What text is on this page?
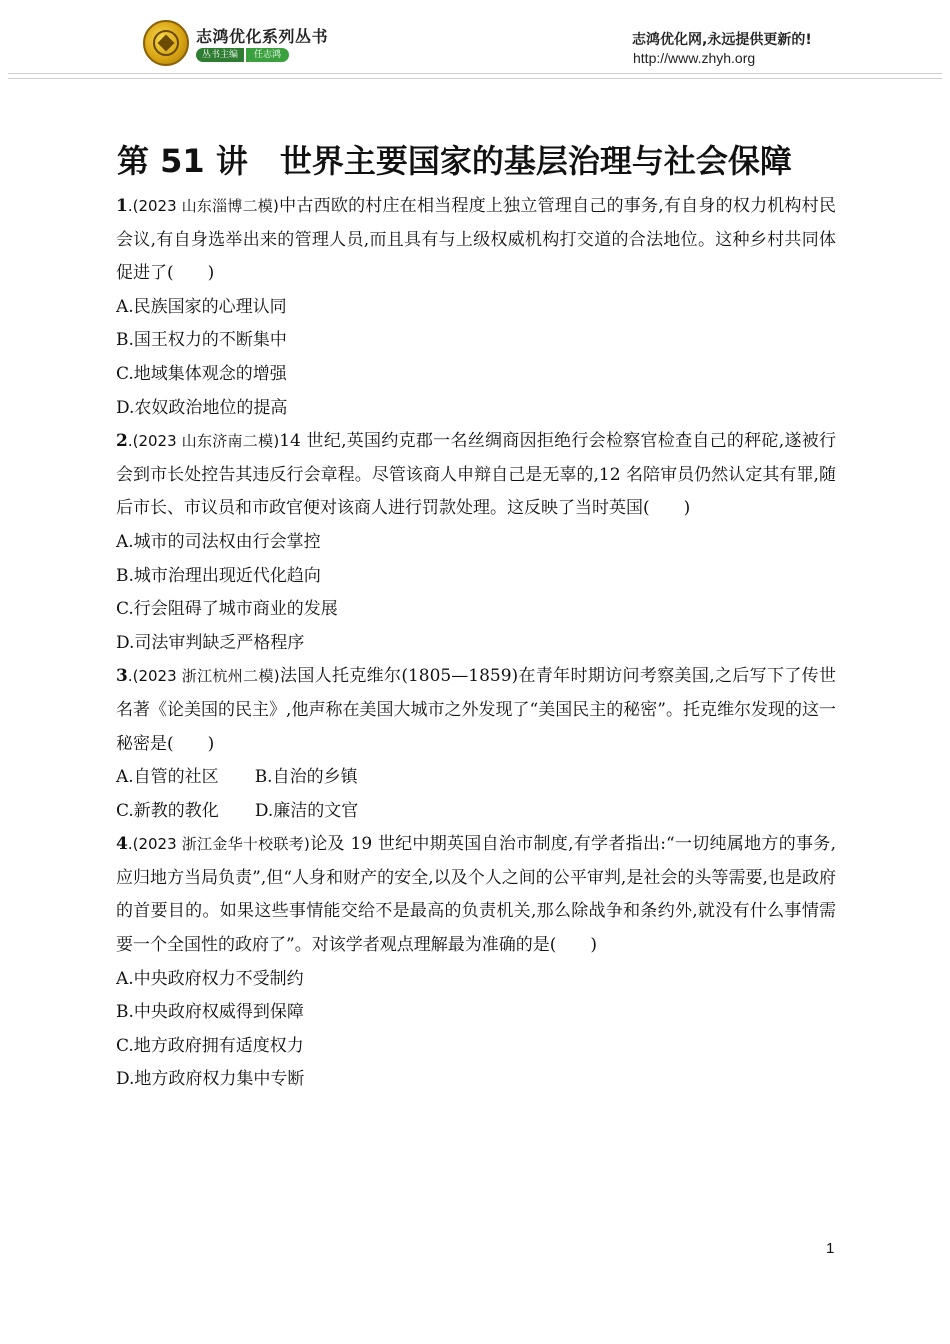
志鸿优化系列丛书
丛书主编	任志鸿
志鸿优化网,永远提供更新的!
http://www.zhyh.org
第 51 讲　世界主要国家的基层治理与社会保障

1.(2023 山东淄博二模)中古西欧的村庄在相当程度上独立管理自己的事务,有自身的权力机构村民会议,有自身选举出来的管理人员,而且具有与上级权威机构打交道的合法地位。这种乡村共同体促进了(　　)

A.民族国家的心理认同

B.国王权力的不断集中

C.地域集体观念的增强

D.农奴政治地位的提高

2.(2023 山东济南二模)14 世纪,英国约克郡一名丝绸商因拒绝行会检察官检查自己的秤砣,遂被行会到市长处控告其违反行会章程。尽管该商人申辩自己是无辜的,12 名陪审员仍然认定其有罪,随后市长、市议员和市政官便对该商人进行罚款处理。这反映了当时英国(　　)

A.城市的司法权由行会掌控

B.城市治理出现近代化趋向

C.行会阻碍了城市商业的发展

D.司法审判缺乏严格程序

3.(2023 浙江杭州二模)法国人托克维尔(1805—1859)在青年时期访问考察美国,之后写下了传世名著《论美国的民主》,他声称在美国大城市之外发现了“美国民主的秘密”。托克维尔发现的这一秘密是(　　)

A.自管的社区 B.自治的乡镇

C.新教的教化 D.廉洁的文官

4.(2023 浙江金华十校联考)论及 19 世纪中期英国自治市制度,有学者指出:“一切纯属地方的事务,应归地方当局负责”,但“人身和财产的安全,以及个人之间的公平审判,是社会的头等需要,也是政府的首要目的。如果这些事情能交给不是最高的负责机关,那么除战争和条约外,就没有什么事情需要一个全国性的政府了”。对该学者观点理解最为准确的是(　　)

A.中央政府权力不受制约

B.中央政府权威得到保障

C.地方政府拥有适度权力

D.地方政府权力集中专断

1
